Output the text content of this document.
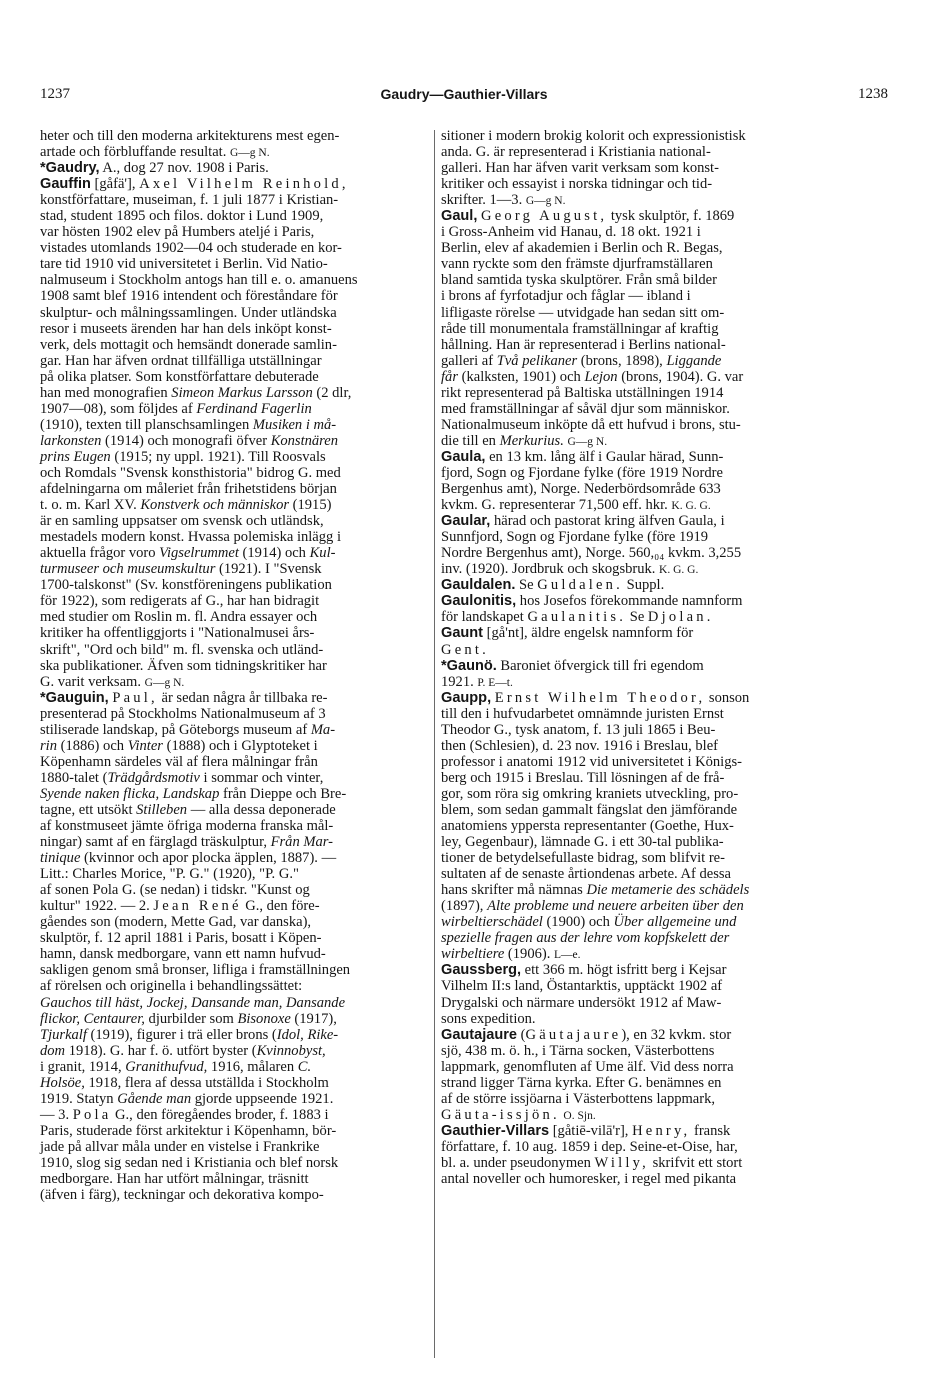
1237	Gaudry—Gauthier-Villars	1238
heter och till den moderna arkitekturens mest egen-
artade och förbluffande resultat. G—g N.
*Gaudry, A., dog 27 nov. 1908 i Paris.
Gauffin [gåfä'], Axel Vilhelm Reinhold,
konstförfattare, museiman, f. 1 juli 1877 i Kristian-
stad, student 1895 och filos. doktor i Lund 1909,
var hösten 1902 elev på Humbers ateljé i Paris,
vistades utomlands 1902—04 och studerade en kor-
tare tid 1910 vid universitetet i Berlin. Vid Natio-
nalmuseum i Stockholm antogs han till e. o. amanuens
1908 samt blef 1916 intendent och föreståndare för
skulptur- och målningssamlingen. Under utländska
resor i museets ärenden har han dels inköpt konst-
verk, dels mottagit och hemsändt donerade samlin-
gar. Han har äfven ordnat tillfälliga utställningar
på olika platser. Som konstförfattare debuterade
han med monografien Simeon Markus Larsson (2 dlr,
1907—08), som följdes af Ferdinand Fagerlin
(1910), texten till planschsamlingen Musiken i må-
larkonsten (1914) och monografi öfver Konstnären
prins Eugen (1915; ny uppl. 1921). Till Roosvals
och Romdals "Svensk konsthistoria" bidrog G. med
afdelningarna om måleriet från frihetstidens början
t. o. m. Karl XV. Konstverk och människor (1915)
är en samling uppsatser om svensk och utländsk,
mestadels modern konst. Hvassa polemiska inlägg i
aktuella frågor voro Vigselrummet (1914) och Kul-
turmuseer och museumskultur (1921). I "Svensk
1700-talskonst" (Sv. konstföreningens publikation
för 1922), som redigerats af G., har han bidragit
med studier om Roslin m. fl. Andra essayer och
kritiker ha offentliggjorts i "Nationalmusei års-
skrift", "Ord och bild" m. fl. svenska och utländ-
ska publikationer. Äfven som tidningskritiker har
G. varit verksam. G—g N.
*Gauguin, Paul, är sedan några år tillbaka re-
presenterad på Stockholms Nationalmuseum af 3
stiliserade landskap, på Göteborgs museum af Ma-
rin (1886) och Vinter (1888) och i Glyptoteket i
Köpenhamn särdeles väl af flera målningar från
1880-talet (Trädgårdsmotiv i sommar och vinter,
Syende naken flicka, Landskap från Dieppe och Bre-
tagne, ett utsökt Stilleben — alla dessa deponerade
af konstmuseet jämte öfriga moderna franska mål-
ningar) samt af en färglagd träskulptur, Från Mar-
tinique (kvinnor och apor plocka äpplen, 1887). —
Litt.: Charles Morice, "P. G." (1920), "P. G."
af sonen Pola G. (se nedan) i tidskr. "Kunst og
kultur" 1922. — 2. Jean René G., den före-
gåendes son (modern, Mette Gad, var danska),
skulptör, f. 12 april 1881 i Paris, bosatt i Köpen-
hamn, dansk medborgare, vann ett namn hufvud-
sakligen genom små bronser, lifliga i framställningen
af rörelsen och originella i behandlingssättet:
Gauchos till häst, Jockej, Dansande man, Dansande
flickor, Centaurer, djurbilder som Bisonoxe (1917),
Tjurkalf (1919), figurer i trä eller brons (Idol, Rike-
dom 1918). G. har f. ö. utfört byster (Kvinnobyst,
i granit, 1914, Granithufvud, 1916, målaren C.
Holsöe, 1918, flera af dessa utställda i Stockholm
1919. Statyn Gående man gjorde uppseende 1921.
— 3. Pola G., den föregåendes broder, f. 1883 i
Paris, studerade först arkitektur i Köpenhamn, bör-
jade på allvar måla under en vistelse i Frankrike
1910, slog sig sedan ned i Kristiania och blef norsk
medborgare. Han har utfört målningar, träsnitt
(äfven i färg), teckningar och dekorativa kompo-
sitioner i modern brokig kolorit och expressionistisk
anda. G. är representerad i Kristiania national-
galleri. Han har äfven varit verksam som konst-
kritiker och essayist i norska tidningar och tid-
skrifter. 1—3. G—g N.
Gaul, Georg August, tysk skulptör, f. 1869
i Gross-Anheim vid Hanau, d. 18 okt. 1921 i
Berlin, elev af akademien i Berlin och R. Begas,
vann ryckte som den främste djurframställaren
bland samtida tyska skulptörer. Från små bilder
i brons af fyrfotadjur och fåglar — ibland i
lifligaste rörelse — utvidgade han sedan sitt om-
råde till monumentala framställningar af kraftig
hållning. Han är representerad i Berlins national-
galleri af Två pelikaner (brons, 1898), Liggande
får (kalksten, 1901) och Lejon (brons, 1904). G. var
rikt representerad på Baltiska utställningen 1914
med framställningar af såväl djur som människor.
Nationalmuseum inköpte då ett hufvud i brons, stu-
die till en Merkurius. G—g N.
Gaula, en 13 km. lång älf i Gaular härad, Sunn-
fjord, Sogn og Fjordane fylke (före 1919 Nordre
Bergenhus amt), Norge. Nederbördsområde 633
kvkm. G. representerar 71,500 eff. hkr. K. G. G.
Gaular, härad och pastorat kring älfven Gaula, i
Sunnfjord, Sogn og Fjordane fylke (före 1919
Nordre Bergenhus amt), Norge. 560,₀₄ kvkm. 3,255
inv. (1920). Jordbruk och skogsbruk. K. G. G.
Gauldalen. Se Guldalen. Suppl.
Gaulonitis, hos Josefos förekommande namnform
för landskapet Gaulanitis. Se Djolan.
Gaunt [gå'nt], äldre engelsk namnform för
Gent.
*Gaunö. Baroniet öfvergick till fri egendom
1921. P. E—t.
Gaupp, Ernst Wilhelm Theodor, sonson
till den i hufvudarbetet omnämnde juristen Ernst
Theodor G., tysk anatom, f. 13 juli 1865 i Beu-
then (Schlesien), d. 23 nov. 1916 i Breslau, blef
professor i anatomi 1912 vid universitetet i Königs-
berg och 1915 i Breslau. Till lösningen af de frå-
gor, som röra sig omkring kraniets utveckling, pro-
blem, som sedan gammalt fängslat den jämförande
anatomiens yppersta representanter (Goethe, Hux-
ley, Gegenbaur), lämnade G. i ett 30-tal publika-
tioner de betydelsefullaste bidrag, som blifvit re-
sultaten af de senaste årtiondenas arbete. Af dessa
hans skrifter må nämnas Die metamerie des schädels
(1897), Alte probleme und neuere arbeiten über den
wirbeltierschädel (1900) och Über allgemeine und
spezielle fragen aus der lehre vom kopfskelett der
wirbeltiere (1906). L—e.
Gaussberg, ett 366 m. högt isfritt berg i Kejsar
Vilhelm II:s land, Östantarktis, upptäckt 1902 af
Drygalski och närmare undersökt 1912 af Maw-
sons expedition.
Gautajaure (Gäutajaure), en 32 kvkm. stor
sjö, 438 m. ö. h., i Tärna socken, Västerbottens
lappmark, genomfluten af Ume älf. Vid dess norra
strand ligger Tärna kyrka. Efter G. benämnes en
af de större issjöarna i Västerbottens lappmark,
Gäuta-issjön. O. Sjn.
Gauthier-Villars [gåtiē-vilā'r], Henry, fransk
författare, f. 10 aug. 1859 i dep. Seine-et-Oise, har,
bl. a. under pseudonymen Willy, skrifvit ett stort
antal noveller och humoresker, i regel med pikanta
